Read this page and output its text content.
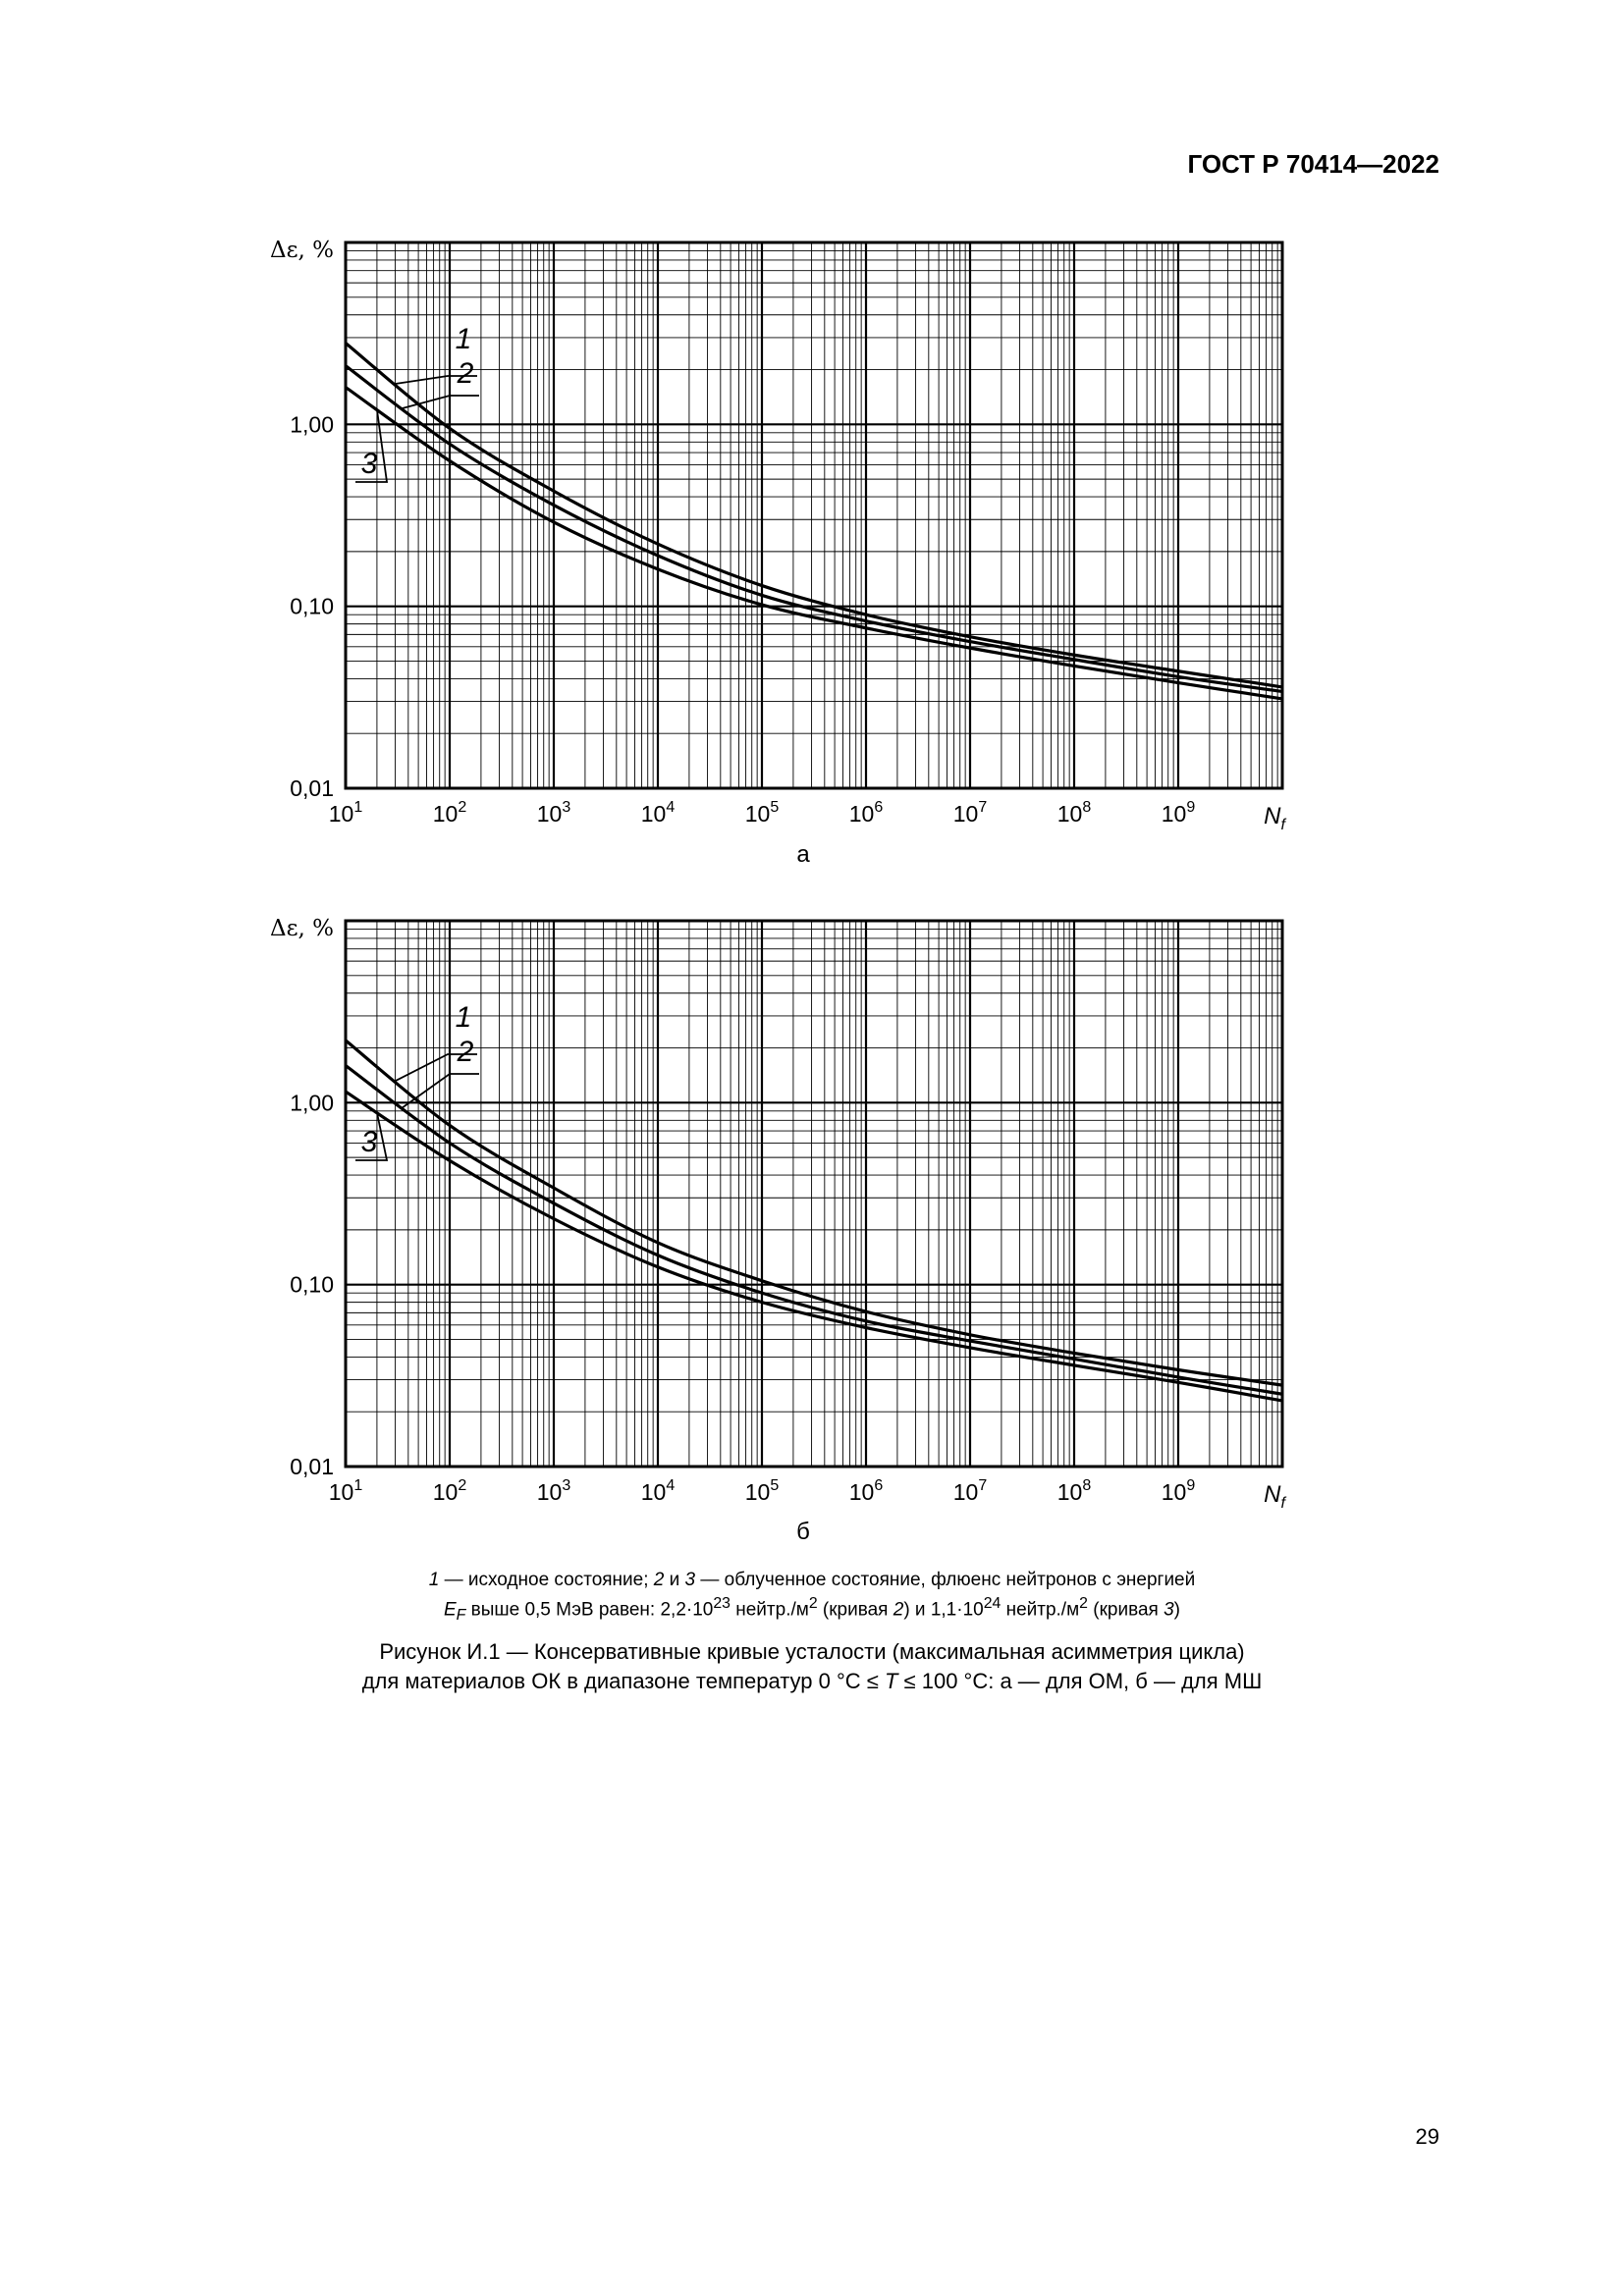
ГОСТ Р 70414—2022
1
2
3
0,01
0,10
1,00
Δε, %
$10^1$	$10^2$	$10^3$	$10^4$	$10^5$	$10^6$	$10^7$	$10^8$	$10^9$	$N_f$
а
1
2
3
0,01
0,10
1,00
Δε, %
$10^1$	$10^2$	$10^3$	$10^4$	$10^5$	$10^6$	$10^7$	$10^8$	$10^9$	$N_f$
б
1 — исходное состояние; 2 и 3 — облученное состояние, флюенс нейтронов с энергией
$E_F$ выше 0,5 МэВ равен: $2,2\cdot 10^{23}$ $нейтр./м^2$ (кривая 2) и $1,1\cdot 10^{24}$ $нейтр./м^2$ (кривая 3)
Рисунок И.1 — Консервативные кривые усталости (максимальная асимметрия цикла)
для материалов ОК в диапазоне температур 0 °С ≤ T ≤ 100 °С: а — для ОМ, б — для МШ
29
